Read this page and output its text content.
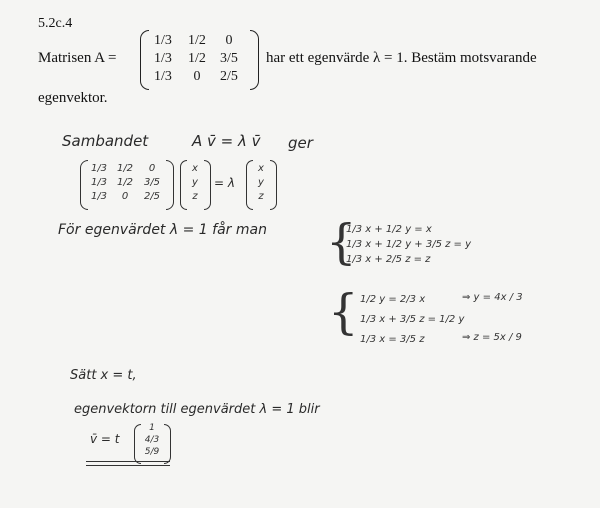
5.2c.4
Matrisen A =
1/3	1/2	0
1/3	1/2	3/5
1/3	0	2/5
har ett egenvärde λ = 1. Bestäm motsvarande
egenvektor.
Sambandet	A v̄ = λ v̄ ger
1/3 1/2	0
1/3 1/2	3/5
1/3	0	2/5
x
y
z
= λ
x
y
z
För egenvärdet λ = 1 får man {
1/3 x + 1/2 y = x
1/3 x + 1/2 y + 3/5 z = y
1/3 x + 2/5 z = z
{ 1/2 y = 2/3 x
1/3 x + 3/5 z = 1/2 y
1/3 x = 3/5 z
⇒ y = 4x / 3
⇒ z = 5x / 9
Sätt x = t,
egenvektorn till egenvärdet λ = 1 blir
v̄ = t
1
4/3
5/9
